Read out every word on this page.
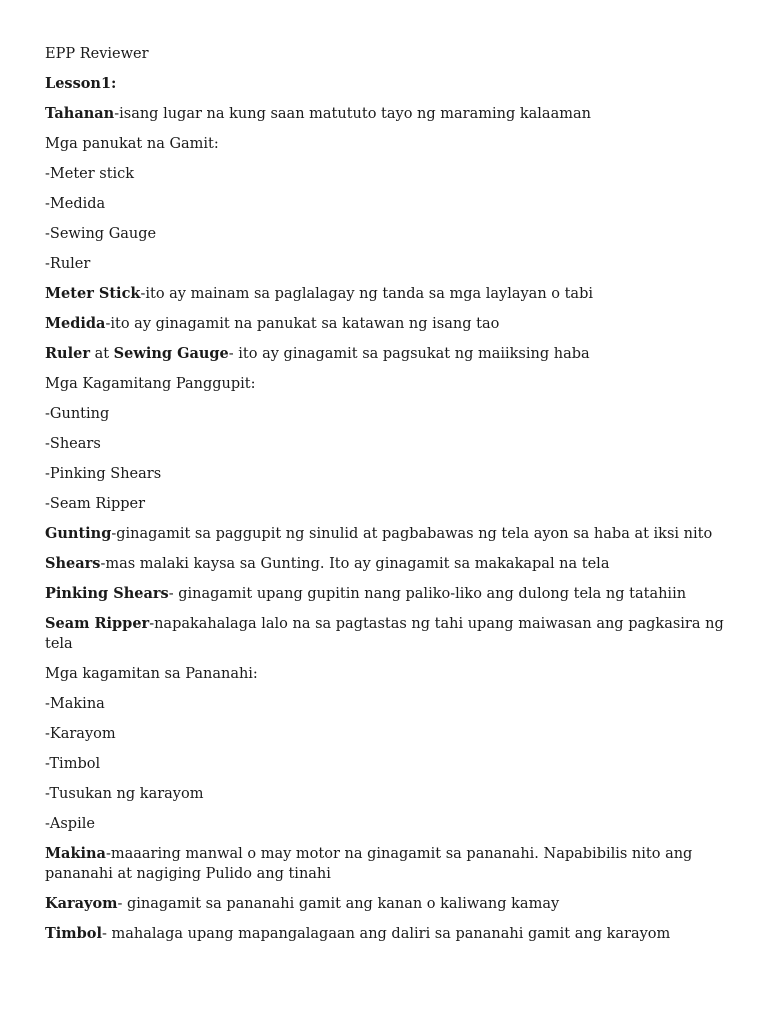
EPP Reviewer
Lesson1:
Tahanan-isang lugar na kung saan matututo tayo ng maraming kalaaman
Mga panukat na Gamit:
-Meter stick
-Medida
-Sewing Gauge
-Ruler
Meter Stick-ito ay mainam sa paglalagay ng tanda sa mga laylayan o tabi
Medida-ito ay ginagamit na panukat sa katawan ng isang tao
Ruler at Sewing Gauge- ito ay ginagamit sa pagsukat ng maiiksing haba
Mga Kagamitang Panggupit:
-Gunting
-Shears
-Pinking Shears
-Seam Ripper
Gunting-ginagamit sa paggupit ng sinulid at pagbabawas ng tela ayon sa haba at iksi nito
Shears-mas malaki kaysa sa Gunting. Ito ay ginagamit sa makakapal na tela
Pinking Shears- ginagamit upang gupitin nang paliko-liko ang dulong tela ng tatahiin
Seam Ripper-napakahalaga lalo na sa pagtastas ng tahi upang maiwasan ang pagkasira ng tela
Mga kagamitan sa Pananahi:
-Makina
-Karayom
-Timbol
-Tusukan ng karayom
-Aspile
Makina-maaaring manwal o may motor na ginagamit sa pananahi. Napabibilis nito ang pananahi at nagiging Pulido ang tinahi
Karayom- ginagamit sa pananahi gamit ang kanan o kaliwang kamay
Timbol- mahalaga upang mapangalagaan ang daliri sa pananahi gamit ang karayom
